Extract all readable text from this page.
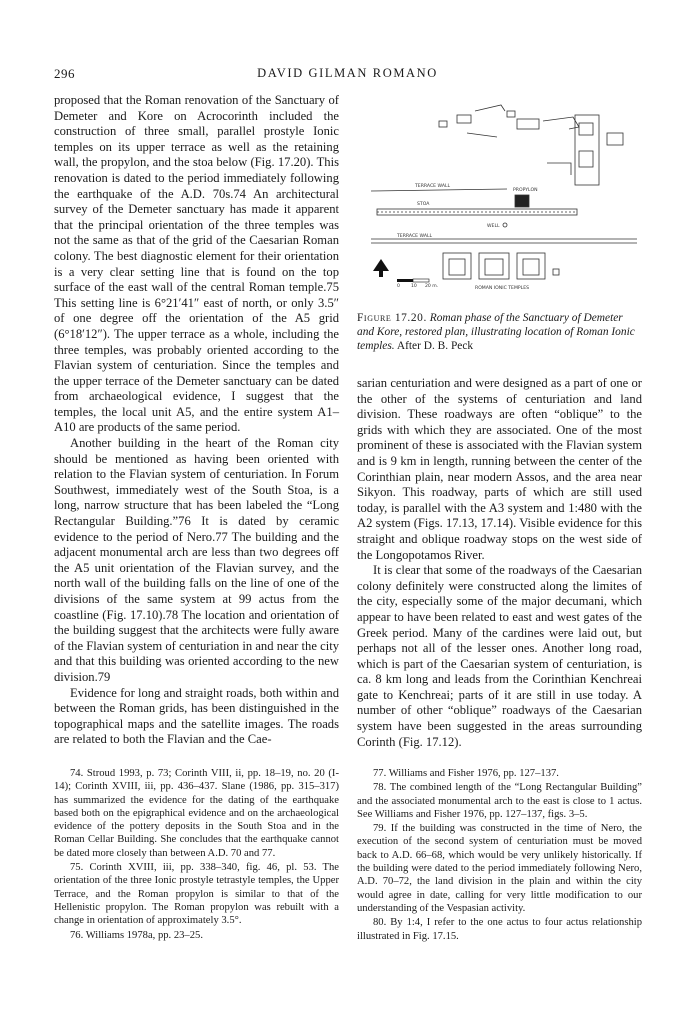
DAVID GILMAN ROMANO
296

proposed that the Roman renovation of the Sanctuary of Demeter and Kore on Acrocorinth included the construction of three small, parallel prostyle Ionic temples on its upper terrace as well as the retaining wall, the propylon, and the stoa below (Fig. 17.20). This renovation is dated to the period immediately following the earthquake of the A.D. 70s.74 An architectural survey of the Demeter sanctuary has made it apparent that the principal orientation of the three temples was not the same as that of the grid of the Caesarian Roman colony. The best diagnostic element for their orientation is a very clear setting line that is found on the top surface of the east wall of the central Roman temple.75 This setting line is 6°21′41″ east of north, or only 3.5″ of one degree off the orientation of the A5 grid (6°18′12″). The upper terrace as a whole, including the three temples, was probably oriented according to the Flavian system of centuriation. Since the temples and the upper terrace of the Demeter sanctuary can be dated from archaeological evidence, I suggest that the temples, the local unit A5, and the entire system A1–A10 are products of the same period.

Another building in the heart of the Roman city should be mentioned as having been oriented with relation to the Flavian system of centuriation. In Forum Southwest, immediately west of the South Stoa, is a long, narrow structure that has been labeled the “Long Rectangular Building.”76 It is dated by ceramic evidence to the period of Nero.77 The building and the adjacent monumental arch are less than two degrees off the A5 unit orientation of the Flavian survey, and the north wall of the building falls on the line of one of the divisions of the same system at 99 actus from the coastline (Fig. 17.10).78 The location and orientation of the building suggest that the architects were fully aware of the Flavian system of centuriation in and near the city and that this building was oriented according to the new division.79

Evidence for long and straight roads, both within and between the Roman grids, has been distinguished in the topographical maps and the satellite images. The roads are related to both the Flavian and the Cae-

0 10 20 m.
TERRACE WALL
PROPYLON
STOA
WELL
TERRACE WALL
ROMAN IONIC TEMPLES
Figure 17.20. Roman phase of the Sanctuary of Demeter and Kore, restored plan, illustrating location of Roman Ionic temples. After D. B. Peck

sarian centuriation and were designed as a part of one or the other of the systems of centuriation and land division. These roadways are often “oblique” to the grids with which they are associated. One of the most prominent of these is associated with the Flavian system and is 9 km in length, running between the center of the Corinthian plain, near modern Assos, and the area near Sikyon. This roadway, parts of which are still used today, is parallel with the A3 system and 1:480 with the A2 system (Figs. 17.13, 17.14). Visible evidence for this straight and oblique roadway stops on the west side of the Longopotamos River.

It is clear that some of the roadways of the Caesarian colony definitely were constructed along the limites of the city, especially some of the major decumani, which appear to have been related to east and west gates of the Greek period. Many of the cardines were laid out, but perhaps not all of the lesser ones. Another long road, which is part of the Caesarian system of centuriation, is ca. 8 km long and leads from the Corinthian Kenchreai gate to Kenchreai; parts of it are still in use today. A number of other “oblique” roadways of the Caesarian system have been suggested in the areas surrounding Corinth (Fig. 17.12).

74. Stroud 1993, p. 73; Corinth VIII, ii, pp. 18–19, no. 20 (I-14); Corinth XVIII, iii, pp. 436–437. Slane (1986, pp. 315–317) has summarized the evidence for the dating of the earthquake based both on the epigraphical evidence and on the archaeological evidence of the pottery deposits in the South Stoa and in the Roman Cellar Building. She concludes that the earthquake cannot be dated more closely than between A.D. 70 and 77.

75. Corinth XVIII, iii, pp. 338–340, fig. 46, pl. 53. The orientation of the three Ionic prostyle tetrastyle temples, the Upper Terrace, and the Roman propylon is similar to that of the Hellenistic propylon. The Roman propylon was rebuilt with a change in orientation of approximately 3.5°.

76. Williams 1978a, pp. 23–25.

77. Williams and Fisher 1976, pp. 127–137.

78. The combined length of the “Long Rectangular Building” and the associated monumental arch to the east is close to 1 actus. See Williams and Fisher 1976, pp. 127–137, figs. 3–5.

79. If the building was constructed in the time of Nero, the execution of the second system of centuriation must be moved back to A.D. 66–68, which would be very unlikely historically. If the building were dated to the period immediately following Nero, A.D. 70–72, the land division in the plain and within the city would agree in date, calling for very little modification to our understanding of the Vespasian activity.

80. By 1:4, I refer to the one actus to four actus relationship illustrated in Fig. 17.15.
